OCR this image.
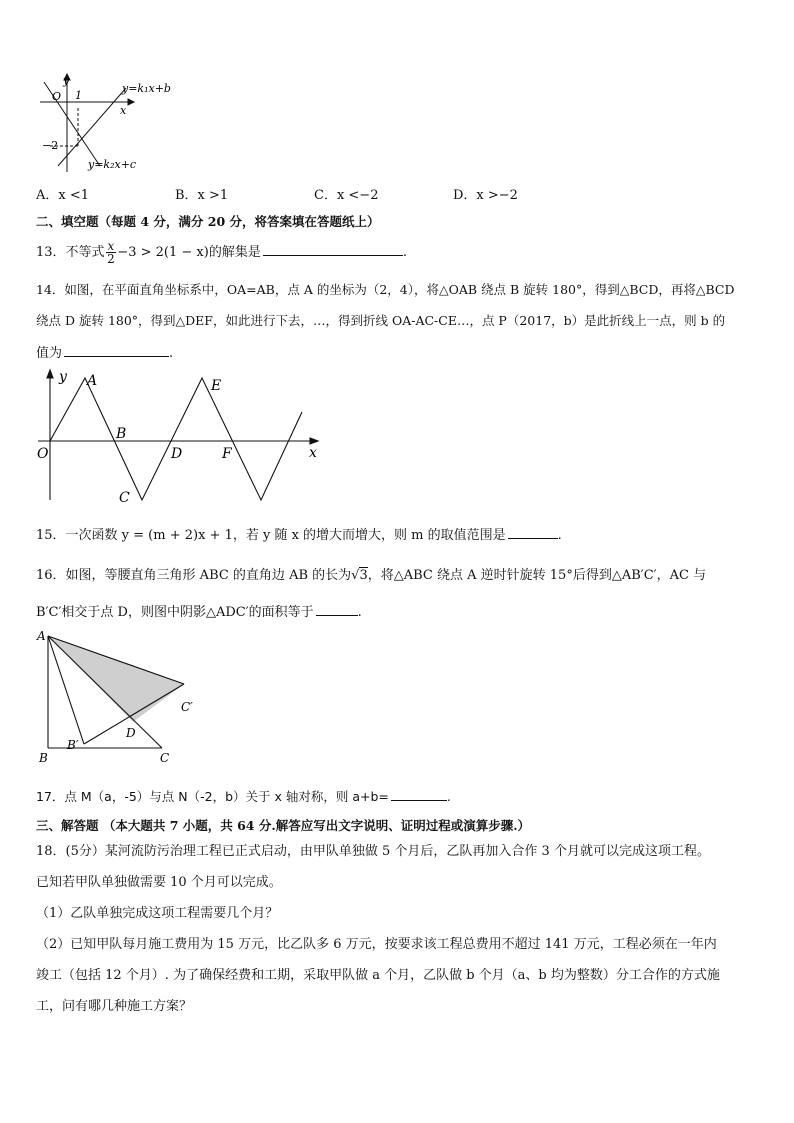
y
x
O 1
−2
y=k₁x+b
y=k₂x+c
A．x <1	B．x >1	C．x <−2	D．x >−2
二、填空题（每题 4 分，满分 20 分，将答案填在答题纸上）
13．不等式 $\frac{x}{2} -3 > 2(1 - x)$的解集是	.
14．如图，在平面直角坐标系中，OA=AB，点 A 的坐标为（2，4），将△OAB 绕点 B 旋转 180°，得到△BCD，再将△BCD
绕点 D 旋转 180°，得到△DEF，如此进行下去，…，得到折线 OA-AC-CE…，点 P（2017，b）是此折线上一点，则 b 的
值为	.
y
x
O
A
B
C
D
E
F
15．一次函数 y = (m + 2)x + 1，若 y 随 x 的增大而增大，则 m 的取值范围是	.
16．如图，等腰直角三角形 ABC 的直角边 AB 的长为√3，将△ABC 绕点 A 逆时针旋转 15°后得到△AB′C′，AC 与
B′C′相交于点 D，则图中阴影△ADC′的面积等于	.
A
B	C
B′
C′
D
17．点 M（a，-5）与点 N（-2，b）关于 x 轴对称，则 a+b=	.
三、解答题 （本大题共 7 小题，共 64 分.解答应写出文字说明、证明过程或演算步骤.）
18．(5分）某河流防污治理工程已正式启动，由甲队单独做 5 个月后，乙队再加入合作 3 个月就可以完成这项工程。
已知若甲队单独做需要 10 个月可以完成。
（1）乙队单独完成这项工程需要几个月？
（2）已知甲队每月施工费用为 15 万元，比乙队多 6 万元，按要求该工程总费用不超过 141 万元，工程必须在一年内
竣工（包括 12 个月）. 为了确保经费和工期，采取甲队做 a 个月，乙队做 b 个月（a、b 均为整数）分工合作的方式施
工，问有哪几种施工方案？
